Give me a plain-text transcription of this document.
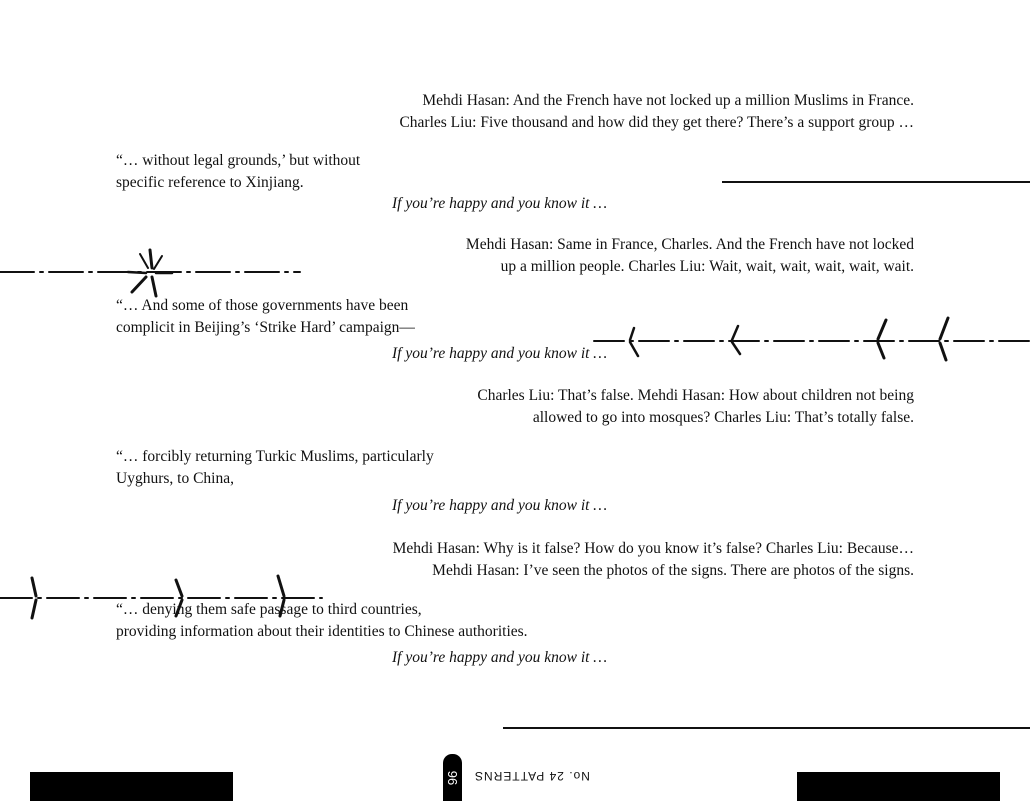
Mehdi Hasan: And the French have not locked up a million Muslims in France.
Charles Liu: Five thousand and how did they get there? There’s a support group …
Mehdi Hasan: Same in France, Charles. And the French have not locked
up a million people. Charles Liu: Wait, wait, wait, wait, wait, wait.
Charles Liu: That’s false. Mehdi Hasan: How about children not being
allowed to go into mosques? Charles Liu: That’s totally false.
Mehdi Hasan: Why is it false? How do you know it’s false? Charles Liu: Because…
Mehdi Hasan: I’ve seen the photos of the signs. There are photos of the signs.
“… without legal grounds,’ but without
specific reference to Xinjiang.
“… And some of those governments have been
complicit in Beijing’s ‘Strike Hard’ campaign—
“… forcibly returning Turkic Muslims, particularly
Uyghurs, to China,
“… denying them safe passage to third countries,
providing information about their identities to Chinese authorities.
If you’re happy and you know it …
If you’re happy and you know it …
If you’re happy and you know it …
If you’re happy and you know it …
96 No. 24 PATTERNS
